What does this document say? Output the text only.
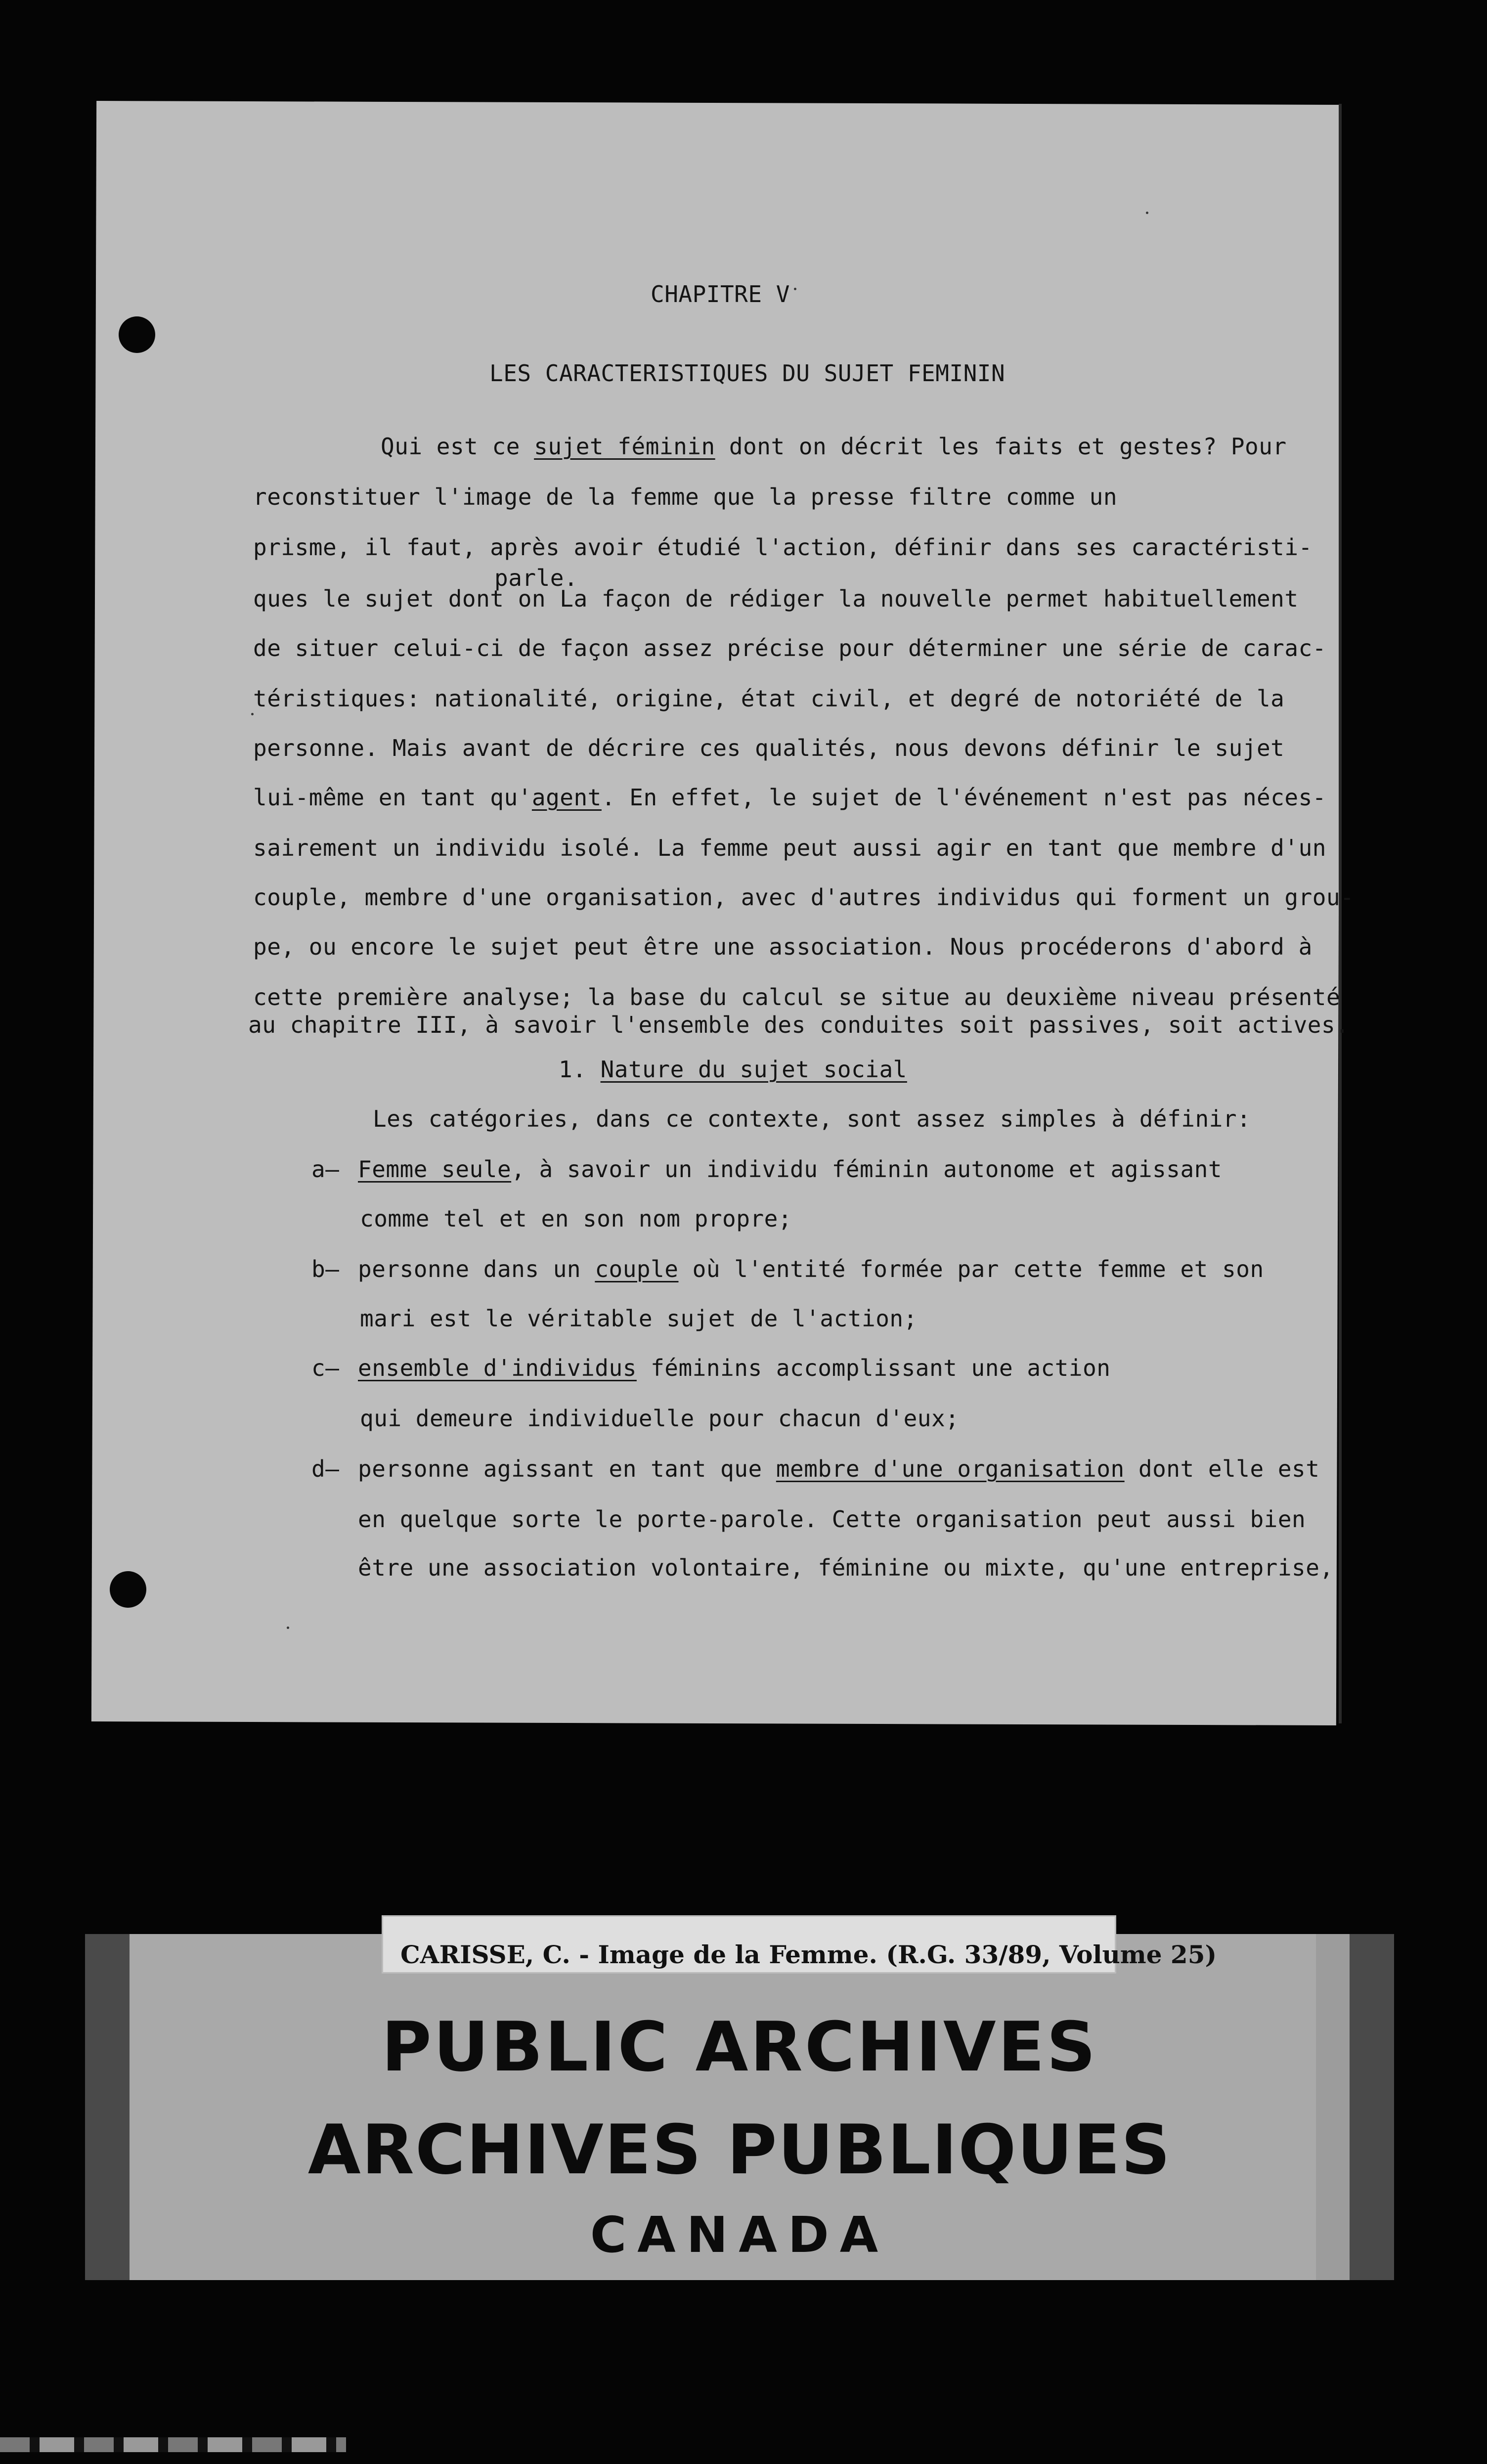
CHAPITRE V
LES CARACTERISTIQUES DU SUJET FEMININ
Qui est ce sujet féminin dont on décrit les faits et gestes? Pour
reconstituer l'image de la femme que la presse filtre comme un
prisme, il faut, après avoir étudié l'action, définir dans ses caractéristi-
parle.
ques le sujet dont on La façon de rédiger la nouvelle permet habituellement
de situer celui-ci de façon assez précise pour déterminer une série de carac-
téristiques: nationalité, origine, état civil, et degré de notoriété de la
personne. Mais avant de décrire ces qualités, nous devons définir le sujet
lui-même en tant qu'agent. En effet, le sujet de l'événement n'est pas néces-
sairement un individu isolé. La femme peut aussi agir en tant que membre d'un
couple, membre d'une organisation, avec d'autres individus qui forment un grou-
pe, ou encore le sujet peut être une association. Nous procéderons d'abord à
cette première analyse; la base du calcul se situe au deuxième niveau présenté
au chapitre III, à savoir l'ensemble des conduites soit passives, soit actives.
1. Nature du sujet social
Les catégories, dans ce contexte, sont assez simples à définir:
a— Femme seule, à savoir un individu féminin autonome et agissant
comme tel et en son nom propre;
b— personne dans un couple où l'entité formée par cette femme et son
mari est le véritable sujet de l'action;
c— ensemble d'individus féminins accomplissant une action
qui demeure individuelle pour chacun d'eux;
d— personne agissant en tant que membre d'une organisation dont elle est
en quelque sorte le porte-parole. Cette organisation peut aussi bien
être une association volontaire, féminine ou mixte, qu'une entreprise,
CARISSE, C. - Image de la Femme. (R.G. 33/89, Volume 25)
PUBLIC ARCHIVES
ARCHIVES PUBLIQUES
CANADA
